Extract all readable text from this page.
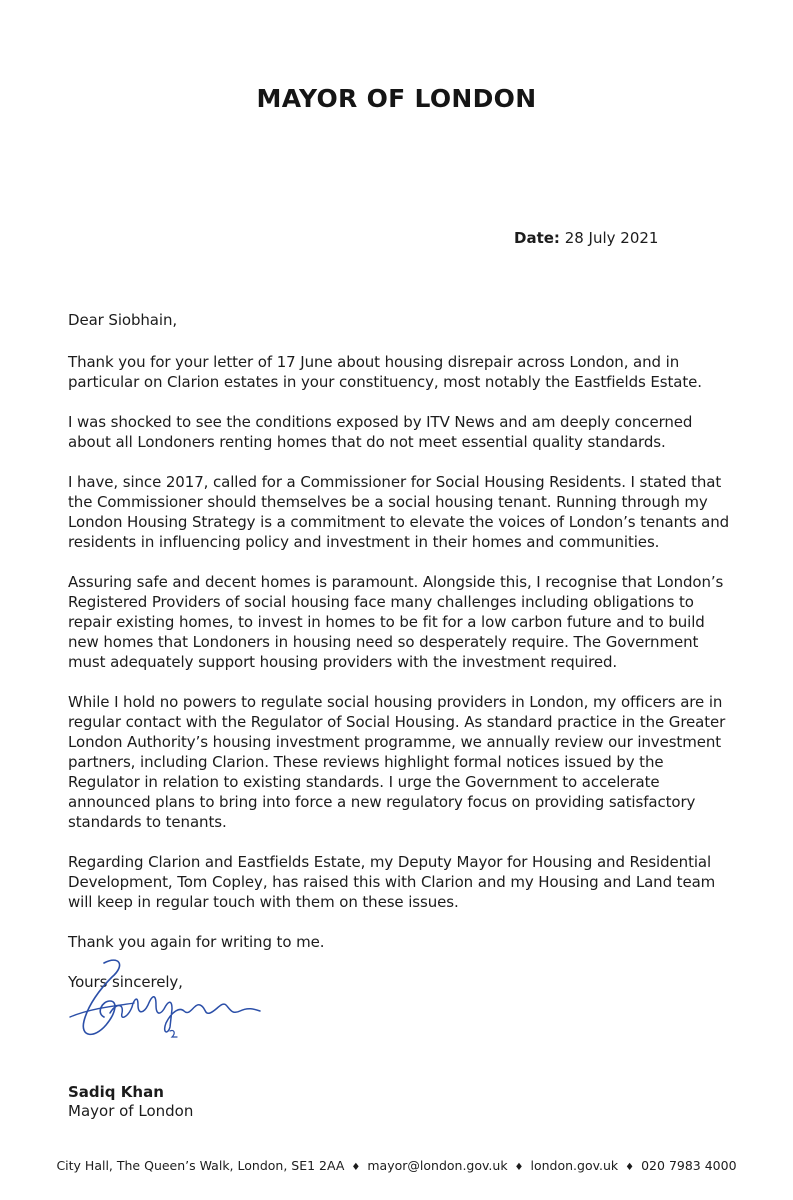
MAYOR OF LONDON
Date: 28 July 2021

Dear Siobhain,

Thank you for your letter of 17 June about housing disrepair across London, and in particular on Clarion estates in your constituency, most notably the Eastfields Estate.

I was shocked to see the conditions exposed by ITV News and am deeply concerned about all Londoners renting homes that do not meet essential quality standards.

I have, since 2017, called for a Commissioner for Social Housing Residents. I stated that the Commissioner should themselves be a social housing tenant. Running through my London Housing Strategy is a commitment to elevate the voices of London’s tenants and residents in influencing policy and investment in their homes and communities.

Assuring safe and decent homes is paramount. Alongside this, I recognise that London’s Registered Providers of social housing face many challenges including obligations to repair existing homes, to invest in homes to be fit for a low carbon future and to build new homes that Londoners in housing need so desperately require. The Government must adequately support housing providers with the investment required.

While I hold no powers to regulate social housing providers in London, my officers are in regular contact with the Regulator of Social Housing. As standard practice in the Greater London Authority’s housing investment programme, we annually review our investment partners, including Clarion. These reviews highlight formal notices issued by the Regulator in relation to existing standards. I urge the Government to accelerate announced plans to bring into force a new regulatory focus on providing satisfactory standards to tenants.

Regarding Clarion and Eastfields Estate, my Deputy Mayor for Housing and Residential Development, Tom Copley, has raised this with Clarion and my Housing and Land team will keep in regular touch with them on these issues.

Thank you again for writing to me.

Yours sincerely,

Sadiq Khan
Mayor of London
City Hall, The Queen’s Walk, London, SE1 2AA ♦ mayor@london.gov.uk ♦ london.gov.uk ♦ 020 7983 4000
